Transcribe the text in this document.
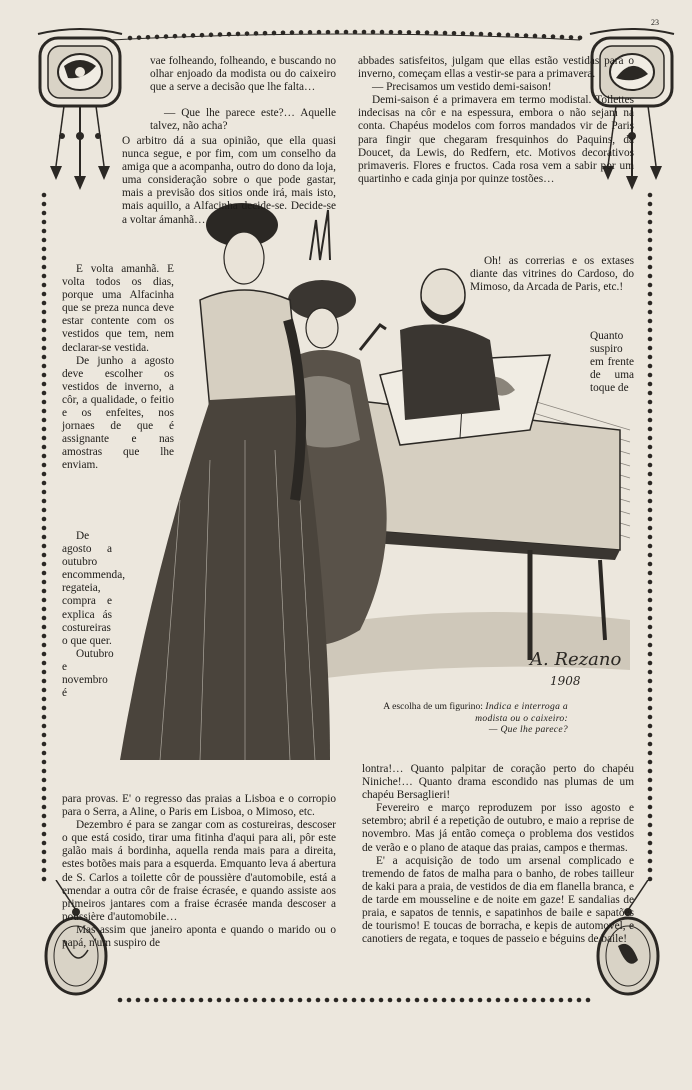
23
A. Rezano
1908

vae folheando, folheando, e buscando no olhar enjoado da modista ou do caixeiro que a serve a decisão que lhe falta…

— Que lhe parece este?… Aquelle talvez, não acha?

O arbitro dá a sua opinião, que ella quasi nunca segue, e por fim, com um conselho da amiga que a acompanha, outro do dono da loja, uma consideração sobre o que pode gastar, mais a previsão dos sitios onde irá, mais isto, mais aquillo, a Alfacinha decide-se. Decide-se a voltar ámanhã…

E volta amanhã. E volta todos os dias, porque uma Alfacinha que se preza nunca deve estar contente com os vestidos que tem, nem declarar-se vestida.

De junho a agosto deve escolher os vestidos de inverno, a côr, a qualidade, o feitio e os enfeites, nos jornaes de que é assignante e nas amostras que lhe enviam.

De agosto a outubro encommenda, regateia, compra e explica ás costureiras o que quer.

Outubro e novembro é

abbades satisfeitos, julgam que ellas estão vestidas para o inverno, começam ellas a vestir-se para a primavera.

— Precisamos um vestido demi-saison!

Demi-saison é a primavera em termo modistal. Toilettes indecisas na côr e na espessura, embora o não sejam na conta. Chapéus modelos com forros mandados vir de Paris para fingir que chegaram fresquinhos do Paquins, da Doucet, da Lewis, do Redfern, etc. Motivos decorativos primaveris. Flores e fructos. Cada rosa vem a sabir por um quartinho e cada ginja por quinze tostões…

Oh! as correrias e os extases diante das vitrines do Cardoso, do Mimoso, da Arcada de Paris, etc.!

Quanto suspiro em frente de uma toque de

A escolha de um figurino: Indica e interroga a modista ou o caixeiro:
— Que lhe parece?

para provas. E' o regresso das praias a Lisboa e o corropio para o Serra, a Aline, o Paris em Lisboa, o Mimoso, etc.

Dezembro é para se zangar com as costureiras, descoser o que está cosido, tirar uma fitinha d'aqui para ali, pôr este galão mais á bordinha, aquella renda mais para a direita, estes botões mais para a esquerda. Emquanto leva á abertura de S. Carlos a toilette côr de poussière d'automobile, está a emendar a outra côr de fraise écrasée, e quando assiste aos primeiros jantares com a fraise écrasée manda descoser a poussière d'automobile…

Mas assim que janeiro aponta e quando o marido ou o papá, n'um suspiro de

lontra!… Quanto palpitar de coração perto do chapéu Niniche!… Quanto drama escondido nas plumas de um chapéu Bersaglieri!

Fevereiro e março reproduzem por isso agosto e setembro; abril é a repetição de outubro, e maio a reprise de novembro. Mas já então começa o problema dos vestidos de verão e o plano de ataque das praias, campos e thermas.

E' a acquisição de todo um arsenal complicado e tremendo de fatos de malha para o banho, de robes tailleur de kaki para a praia, de vestidos de dia em flanella branca, e de tarde em mousseline e de noite em gaze! E sandalias de praia, e sapatos de tennis, e sapatinhos de baile e sapatões de tourismo! E toucas de borracha, e kepis de automovel, e canotiers de regata, e toques de passeio e béguins de baile!
